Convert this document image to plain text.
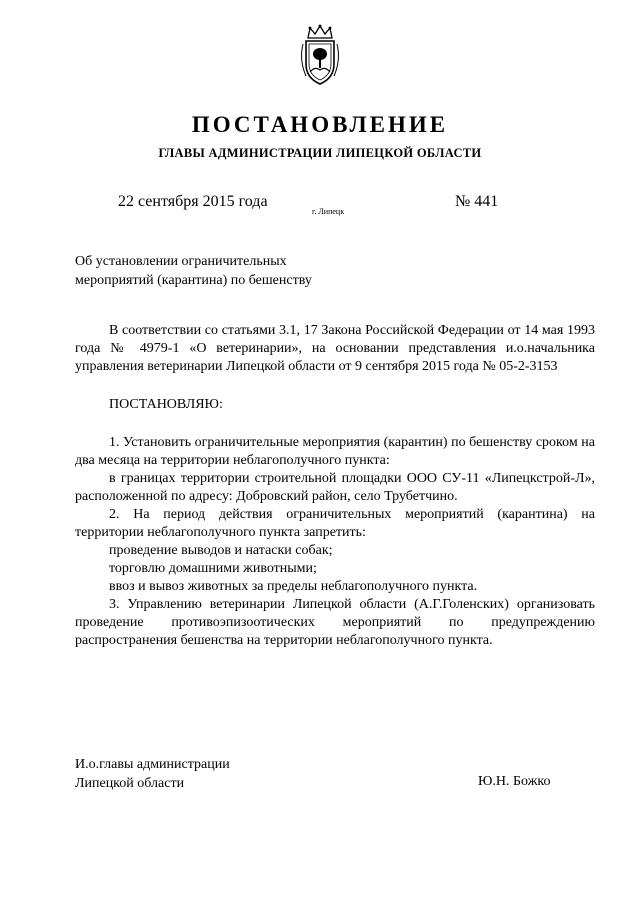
ПОСТАНОВЛЕНИЕ
ГЛАВЫ АДМИНИСТРАЦИИ ЛИПЕЦКОЙ ОБЛАСТИ
22 сентября 2015 года
г. Липецк
№ 441
Об установлении ограничительных
мероприятий (карантина) по бешенству

В соответствии со статьями 3.1, 17 Закона Российской Федерации от 14 мая 1993 года № 4979-1 «О ветеринарии», на основании представления и.о.начальника управления ветеринарии Липецкой области от 9 сентября 2015 года № 05-2-3153

ПОСТАНОВЛЯЮ:

1. Установить ограничительные мероприятия (карантин) по бешенству сроком на два месяца на территории неблагополучного пункта:

в границах территории строительной площадки ООО СУ-11 «Липецкстрой-Л», расположенной по адресу: Добровский район, село Трубетчино.

2. На период действия ограничительных мероприятий (карантина) на территории неблагополучного пункта запретить:

проведение выводов и натаски собак;

торговлю домашними животными;

ввоз и вывоз животных за пределы неблагополучного пункта.

3. Управлению ветеринарии Липецкой области (А.Г.Голенских) организовать проведение противоэпизоотических мероприятий по предупреждению распространения бешенства на территории неблагополучного пункта.

И.о.главы администрации
Липецкой области	Ю.Н. Божко
